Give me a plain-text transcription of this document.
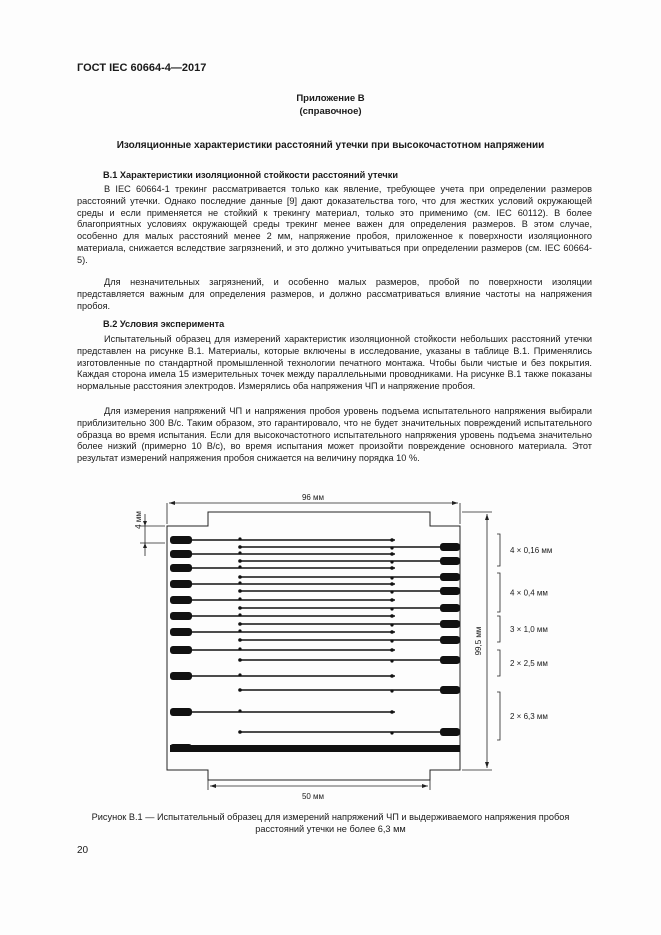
ГОСТ IEC 60664-4—2017
Приложение В
(справочное)
Изоляционные характеристики расстояний утечки при высокочастотном напряжении
В.1 Характеристики изоляционной стойкости расстояний утечки

В IEC 60664-1 трекинг рассматривается только как явление, требующее учета при определении размеров расстояний утечки. Однако последние данные [9] дают доказательства того, что для жестких условий окружающей среды и если применяется не стойкий к трекингу материал, только это применимо (см. IEC 60112). В более благоприятных условиях окружающей среды трекинг менее важен для определения размеров. В этом случае, особенно для малых расстояний менее 2 мм, напряжение пробоя, приложенное к поверхности изоляционного материала, снижается вследствие загрязнений, и это должно учитываться при определении размеров (см. IEC 60664-5).

Для незначительных загрязнений, и особенно малых размеров, пробой по поверхности изоляции представляется важным для определения размеров, и должно рассматриваться влияние частоты на напряжения пробоя.

В.2 Условия эксперимента

Испытательный образец для измерений характеристик изоляционной стойкости небольших расстояний утечки представлен на рисунке В.1. Материалы, которые включены в исследование, указаны в таблице В.1. Применялись изготовленные по стандартной промышленной технологии печатного монтажа. Чтобы были чистые и без покрытия. Каждая сторона имела 15 измерительных точек между параллельными проводниками. На рисунке В.1 также показаны нормальные расстояния электродов. Измерялись оба напряжения ЧП и напряжение пробоя.

Для измерения напряжений ЧП и напряжения пробоя уровень подъема испытательного напряжения выбирали приблизительно 300 В/с. Таким образом, это гарантировало, что не будет значительных повреждений испытательного образца во время испытания. Если для высокочастотного испытательного напряжения уровень подъема значительно более низкий (примерно 10 В/с), во время испытания может произойти повреждение основного материала. Этот результат измерений напряжения пробоя снижается на величину порядка 10 %.

96 мм
4 мм
99,5 мм
50 мм
4 × 0,16 мм
4 × 0,4 мм
3 × 1,0 мм
2 × 2,5 мм
2 × 6,3 мм
Рисунок В.1 — Испытательный образец для измерений напряжений ЧП и выдерживаемого напряжения пробоя
расстояний утечки не более 6,3 мм
20
